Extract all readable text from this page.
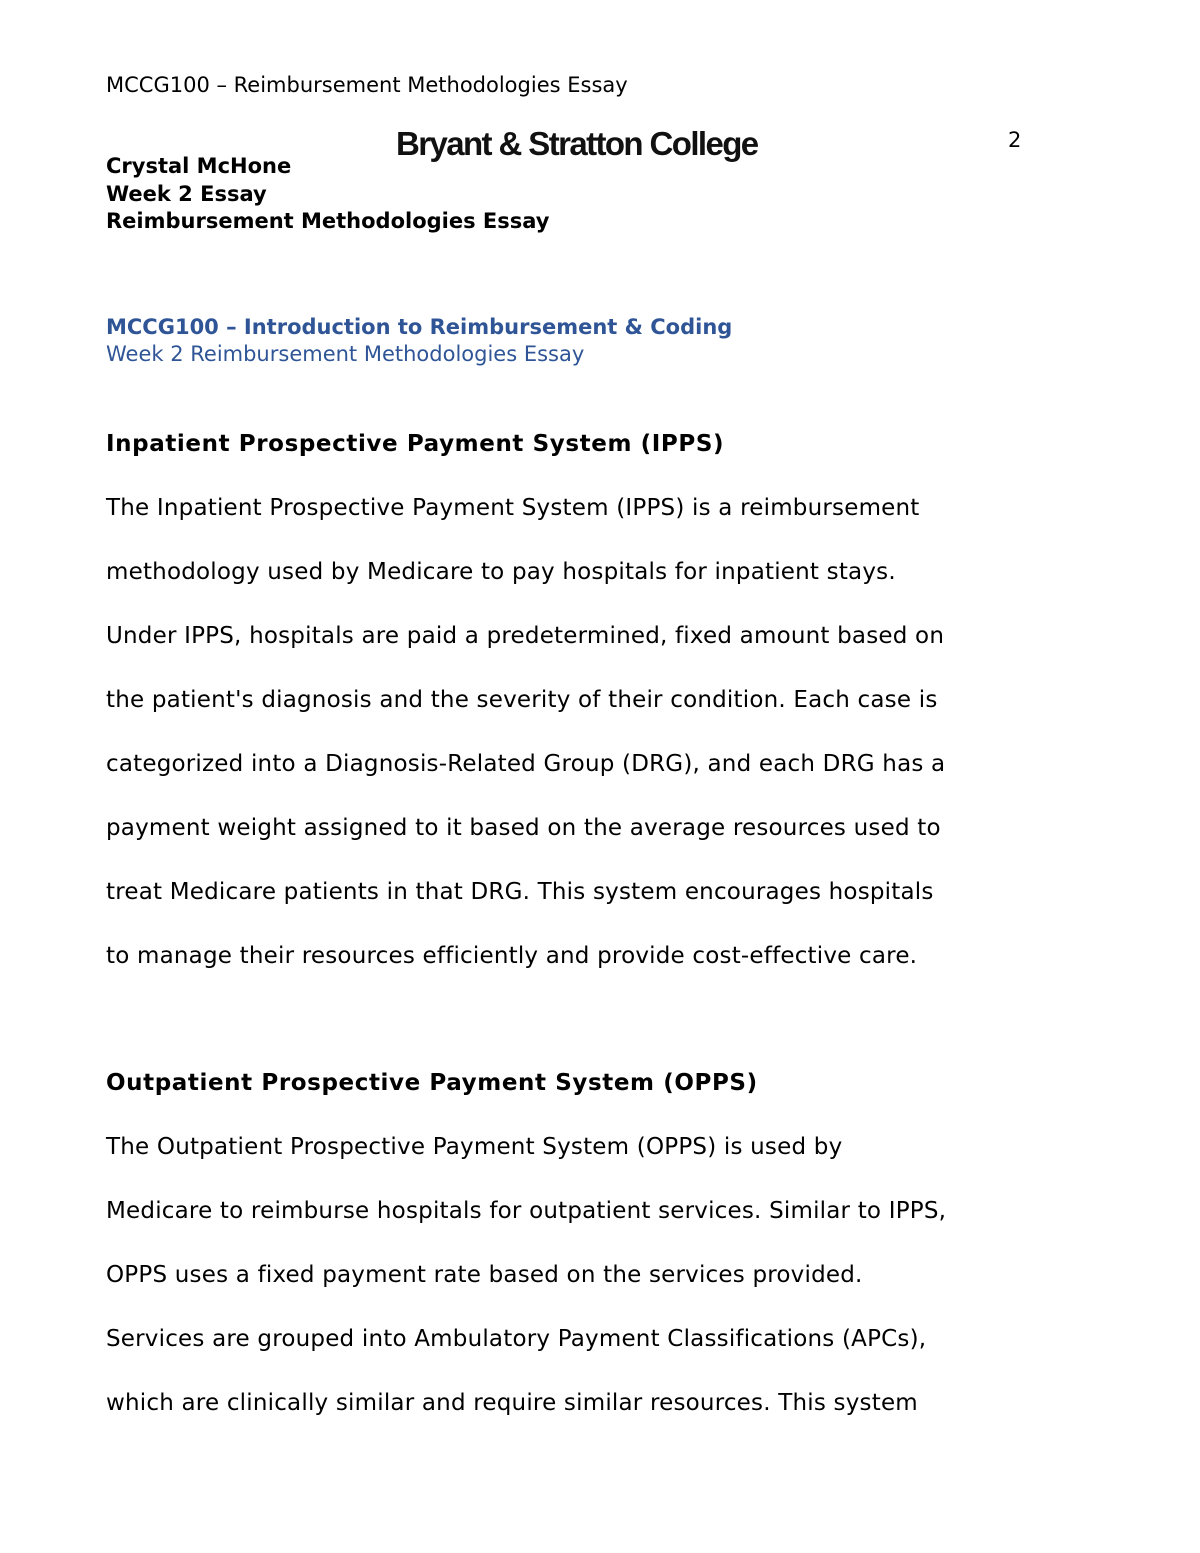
MCCG100 – Reimbursement Methodologies Essay
Bryant & Stratton College	2
Crystal McHone
Week 2 Essay
Reimbursement Methodologies Essay
MCCG100 – Introduction to Reimbursement & Coding
Week 2 Reimbursement Methodologies Essay
Inpatient Prospective Payment System (IPPS)
The Inpatient Prospective Payment System (IPPS) is a reimbursement
methodology used by Medicare to pay hospitals for inpatient stays.
Under IPPS, hospitals are paid a predetermined, fixed amount based on
the patient's diagnosis and the severity of their condition. Each case is
categorized into a Diagnosis-Related Group (DRG), and each DRG has a
payment weight assigned to it based on the average resources used to
treat Medicare patients in that DRG. This system encourages hospitals
to manage their resources efficiently and provide cost-effective care.
Outpatient Prospective Payment System (OPPS)
The Outpatient Prospective Payment System (OPPS) is used by
Medicare to reimburse hospitals for outpatient services. Similar to IPPS,
OPPS uses a fixed payment rate based on the services provided.
Services are grouped into Ambulatory Payment Classifications (APCs),
which are clinically similar and require similar resources. This system
